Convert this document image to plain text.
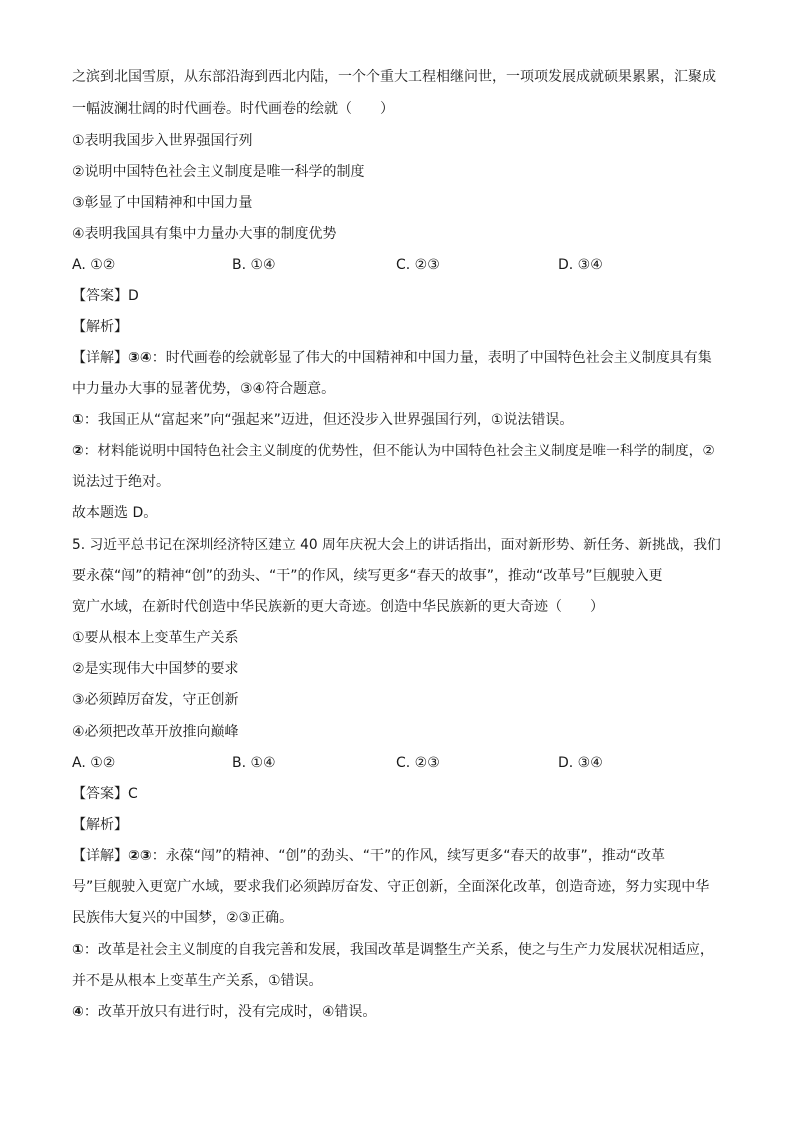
之滨到北国雪原，从东部沿海到西北内陆，一个个重大工程相继问世，一项项发展成就硕果累累，汇聚成
一幅波澜壮阔的时代画卷。时代画卷的绘就（　　）
①表明我国步入世界强国行列
②说明中国特色社会主义制度是唯一科学的制度
③彰显了中国精神和中国力量
④表明我国具有集中力量办大事的制度优势
A. ①②	B. ①④	C. ②③	D. ③④
【答案】D
【解析】
【详解】③④：时代画卷的绘就彰显了伟大的中国精神和中国力量，表明了中国特色社会主义制度具有集
中力量办大事的显著优势，③④符合题意。
①：我国正从“富起来”向“强起来”迈进，但还没步入世界强国行列，①说法错误。
②：材料能说明中国特色社会主义制度的优势性，但不能认为中国特色社会主义制度是唯一科学的制度，②
说法过于绝对。
故本题选 D。
5. 习近平总书记在深圳经济特区建立 40 周年庆祝大会上的讲话指出，面对新形势、新任务、新挑战，我们
要永葆“闯”的精神“创”的劲头、“干”的作风，续写更多“春天的故事”，推动“改革号”巨舰驶入更
宽广水域，在新时代创造中华民族新的更大奇迹。创造中华民族新的更大奇迹（　　）
①要从根本上变革生产关系
②是实现伟大中国梦的要求
③必须踔厉奋发，守正创新
④必须把改革开放推向巅峰
A. ①②	B. ①④	C. ②③	D. ③④
【答案】C
【解析】
【详解】②③：永葆“闯”的精神、“创”的劲头、“干”的作风，续写更多“春天的故事”，推动“改革
号”巨舰驶入更宽广水域，要求我们必须踔厉奋发、守正创新，全面深化改革，创造奇迹，努力实现中华
民族伟大复兴的中国梦，②③正确。
①：改革是社会主义制度的自我完善和发展，我国改革是调整生产关系，使之与生产力发展状况相适应，
并不是从根本上变革生产关系，①错误。
④：改革开放只有进行时，没有完成时，④错误。
